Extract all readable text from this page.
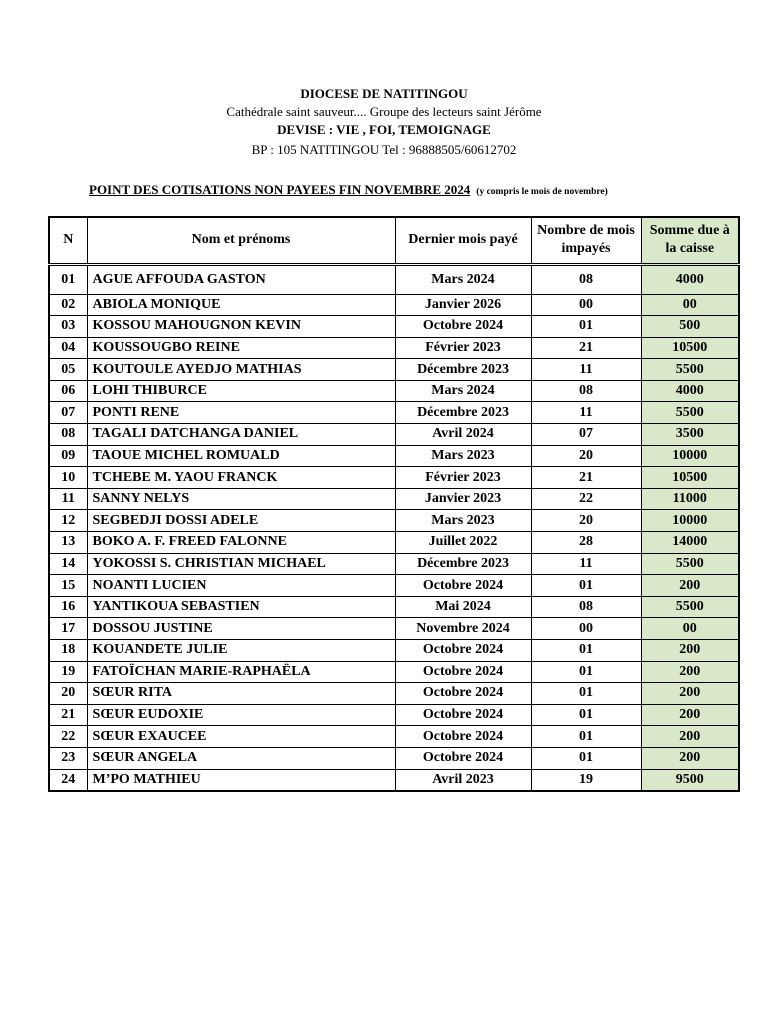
DIOCESE DE NATITINGOU
Cathédrale saint sauveur.... Groupe des lecteurs saint Jérôme
DEVISE : VIE , FOI, TEMOIGNAGE
BP : 105 NATITINGOU Tel : 96888505/60612702
POINT DES COTISATIONS NON PAYEES FIN NOVEMBRE 2024 (y compris le mois de novembre)
N	Nom et prénoms	Dernier mois payé	Nombre de mois impayés	Somme due à la caisse
01	AGUE AFFOUDA GASTON	Mars 2024	08	4000
02	ABIOLA MONIQUE	Janvier 2026	00	00
03	KOSSOU MAHOUGNON KEVIN	Octobre 2024	01	500
04	KOUSSOUGBO REINE	Février 2023	21	10500
05	KOUTOULE AYEDJO MATHIAS	Décembre 2023	11	5500
06	LOHI THIBURCE	Mars 2024	08	4000
07	PONTI RENE	Décembre 2023	11	5500
08	TAGALI DATCHANGA DANIEL	Avril 2024	07	3500
09	TAOUE MICHEL ROMUALD	Mars 2023	20	10000
10	TCHEBE M. YAOU FRANCK	Février 2023	21	10500
11	SANNY NELYS	Janvier 2023	22	11000
12	SEGBEDJI DOSSI ADELE	Mars 2023	20	10000
13	BOKO A. F. FREED FALONNE	Juillet 2022	28	14000
14	YOKOSSI S. CHRISTIAN MICHAEL	Décembre 2023	11	5500
15	NOANTI LUCIEN	Octobre 2024	01	200
16	YANTIKOUA SEBASTIEN	Mai 2024	08	5500
17	DOSSOU JUSTINE	Novembre 2024	00	00
18	KOUANDETE JULIE	Octobre 2024	01	200
19	FATOÏCHAN MARIE-RAPHAËLA	Octobre 2024	01	200
20	SŒUR RITA	Octobre 2024	01	200
21	SŒUR EUDOXIE	Octobre 2024	01	200
22	SŒUR EXAUCEE	Octobre 2024	01	200
23	SŒUR ANGELA	Octobre 2024	01	200
24	M’PO MATHIEU	Avril 2023	19	9500
